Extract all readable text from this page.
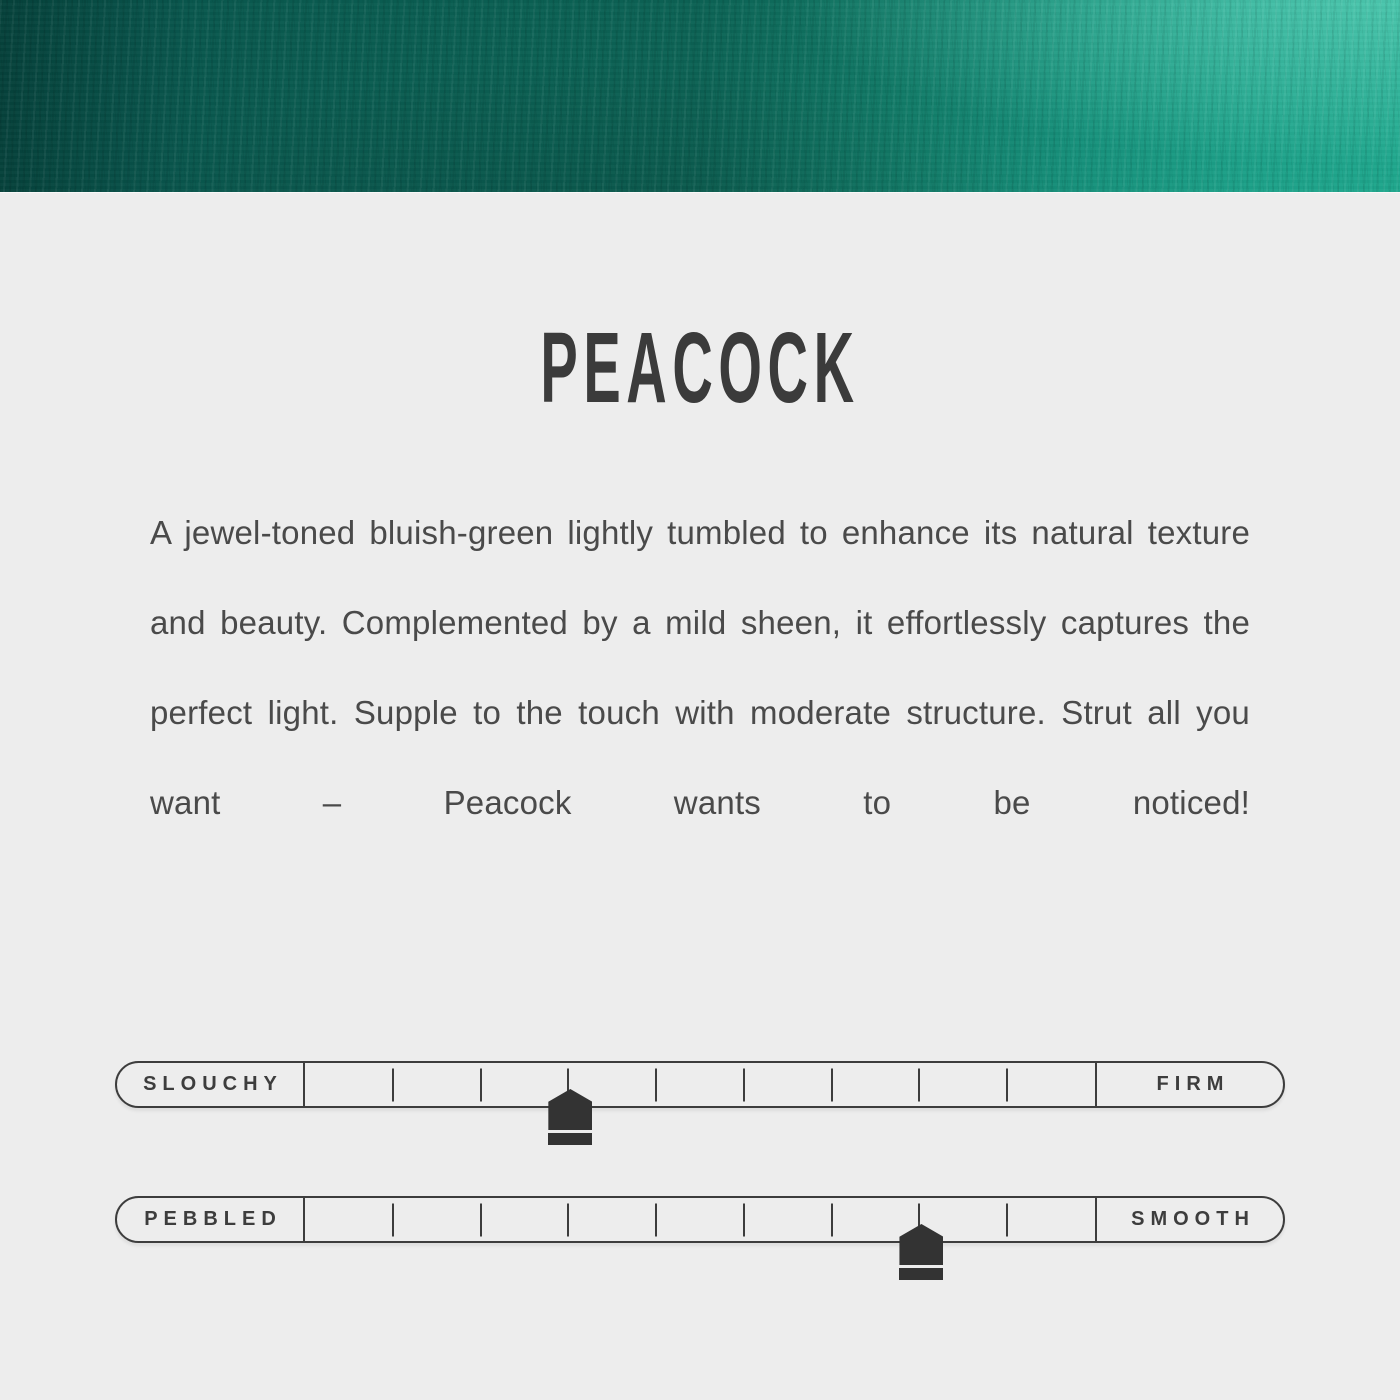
PEACOCK

A jewel-toned bluish-green lightly tumbled to enhance its natural texture and beauty. Complemented by a mild sheen, it effortlessly captures the perfect light. Supple to the touch with moderate structure. Strut all you want – Peacock wants to be noticed!

SLOUCHY	FIRM
PEBBLED	SMOOTH
